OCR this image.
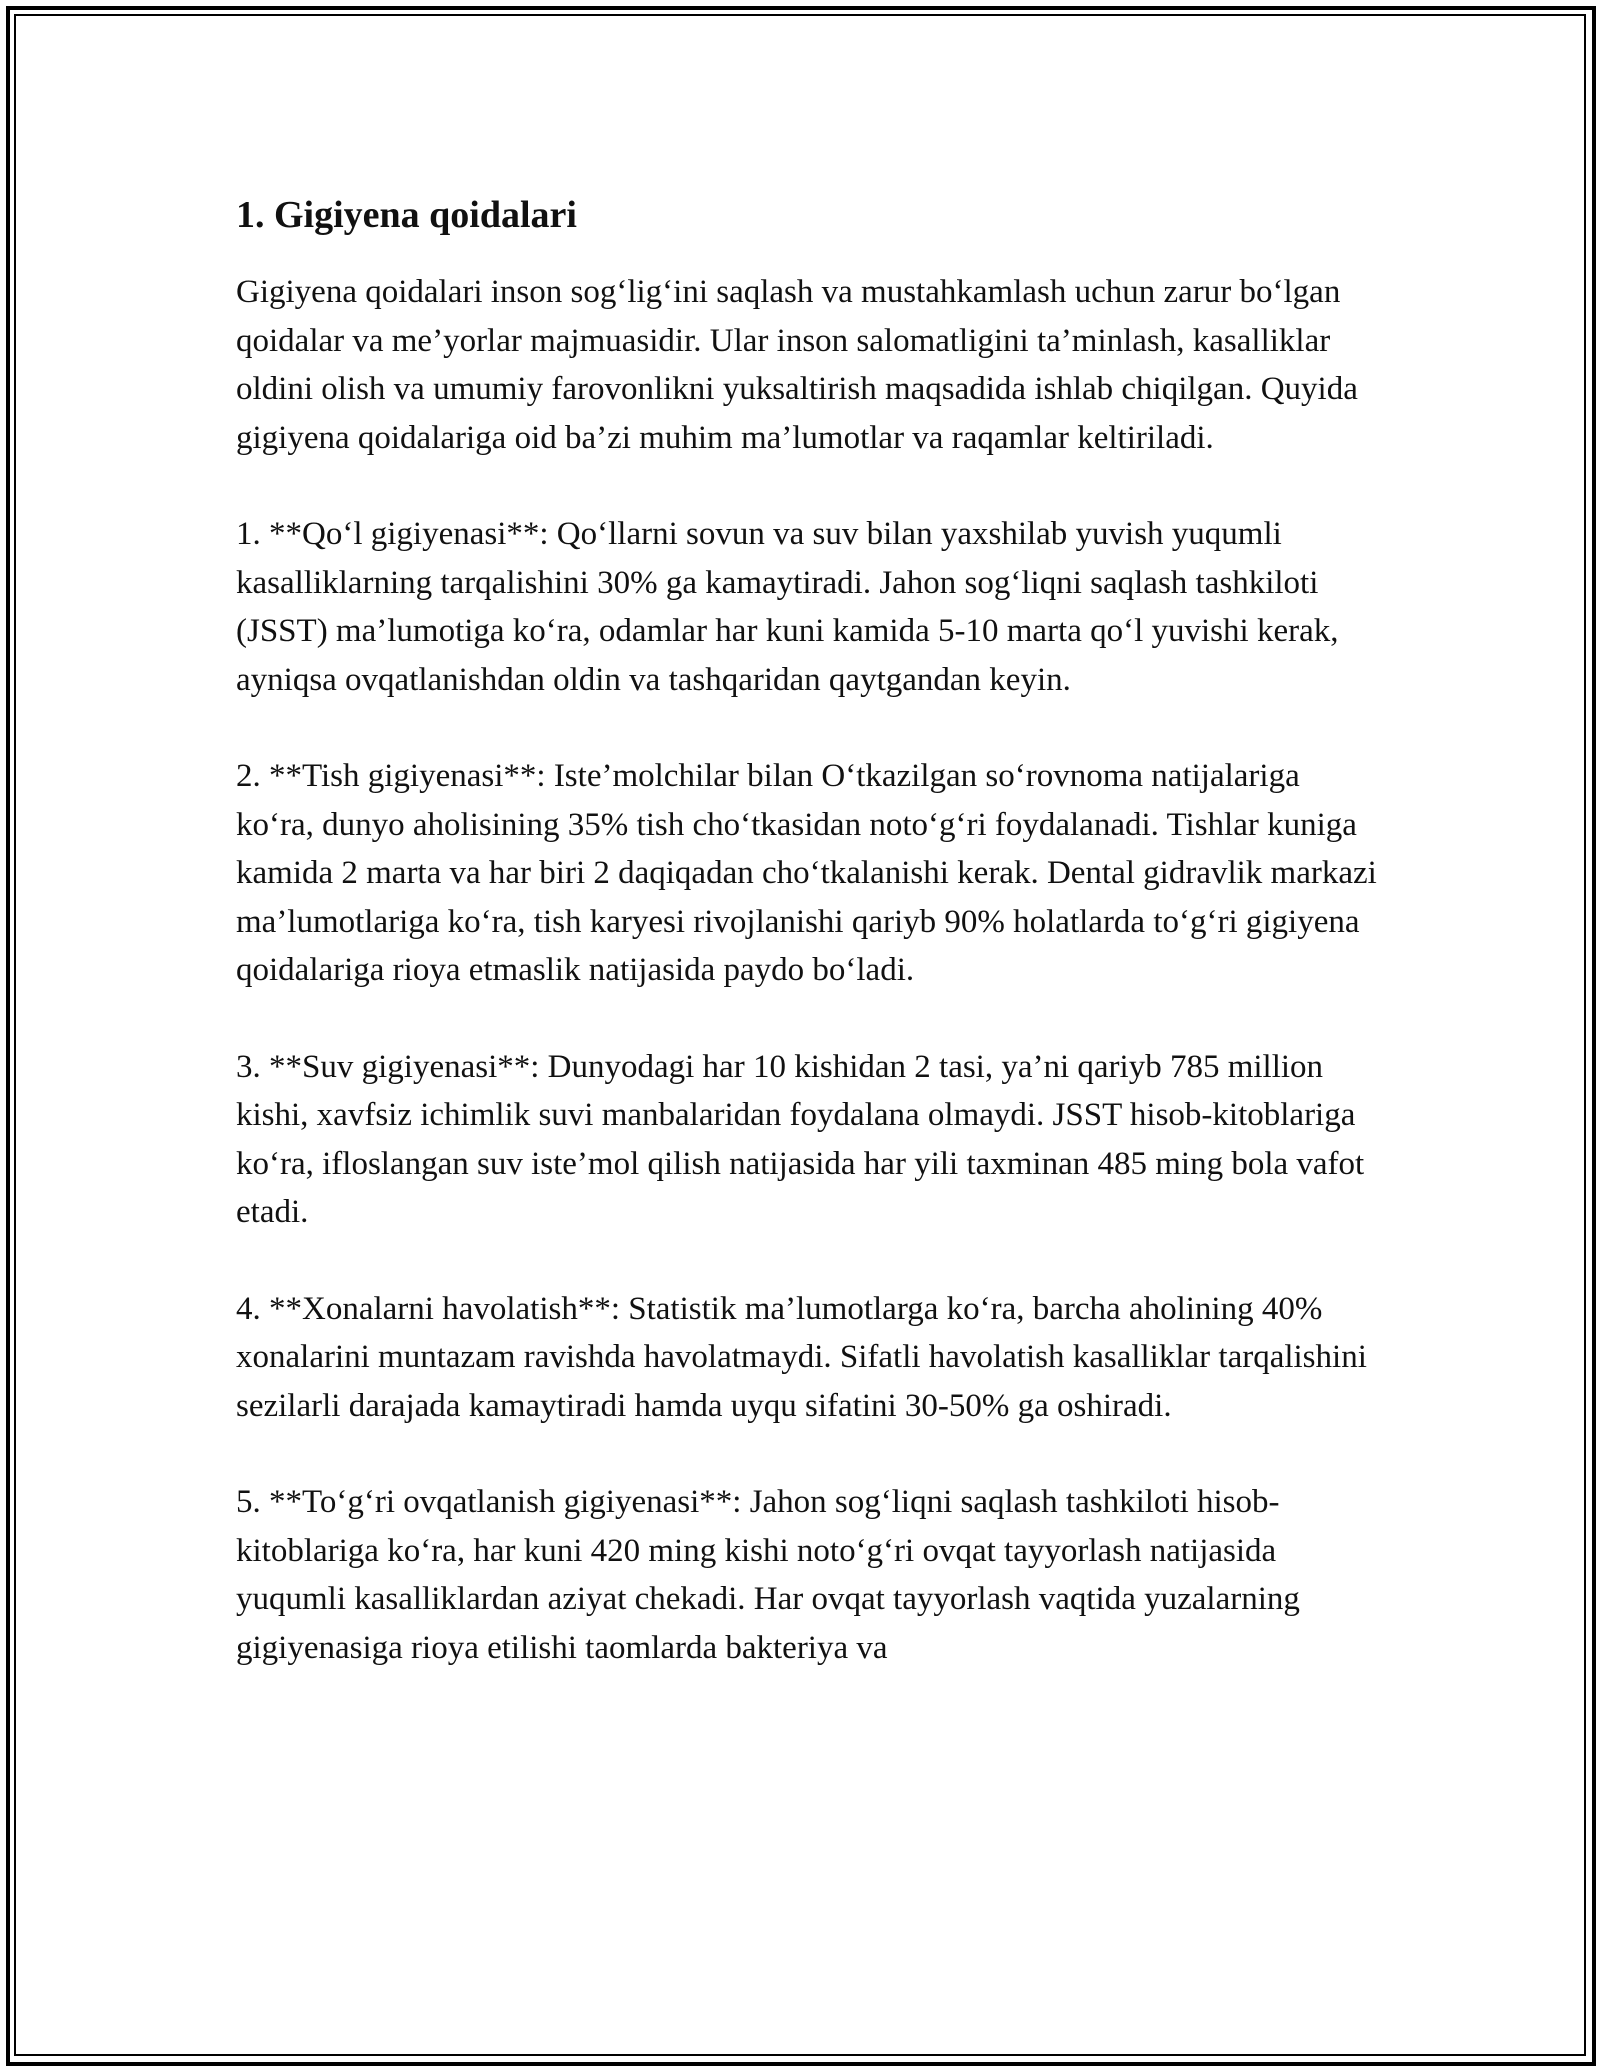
1. Gigiyena qoidalari

Gigiyena qoidalari inson sog‘lig‘ini saqlash va mustahkamlash uchun zarur bo‘lgan qoidalar va me’yorlar majmuasidir. Ular inson salomatligini ta’minlash, kasalliklar oldini olish va umumiy farovonlikni yuksaltirish maqsadida ishlab chiqilgan. Quyida gigiyena qoidalariga oid ba’zi muhim ma’lumotlar va raqamlar keltiriladi.

1. **Qo‘l gigiyenasi**: Qo‘llarni sovun va suv bilan yaxshilab yuvish yuqumli kasalliklarning tarqalishini 30% ga kamaytiradi. Jahon sog‘liqni saqlash tashkiloti (JSST) ma’lumotiga ko‘ra, odamlar har kuni kamida 5-10 marta qo‘l yuvishi kerak, ayniqsa ovqatlanishdan oldin va tashqaridan qaytgandan keyin.

2. **Tish gigiyenasi**: Iste’molchilar bilan O‘tkazilgan so‘rovnoma natijalariga ko‘ra, dunyo aholisining 35% tish cho‘tkasidan noto‘g‘ri foydalanadi. Tishlar kuniga kamida 2 marta va har biri 2 daqiqadan cho‘tkalanishi kerak. Dental gidravlik markazi ma’lumotlariga ko‘ra, tish karyesi rivojlanishi qariyb 90% holatlarda to‘g‘ri gigiyena qoidalariga rioya etmaslik natijasida paydo bo‘ladi.

3. **Suv gigiyenasi**: Dunyodagi har 10 kishidan 2 tasi, ya’ni qariyb 785 million kishi, xavfsiz ichimlik suvi manbalaridan foydalana olmaydi. JSST hisob-kitoblariga ko‘ra, ifloslangan suv iste’mol qilish natijasida har yili taxminan 485 ming bola vafot etadi.

4. **Xonalarni havolatish**: Statistik ma’lumotlarga ko‘ra, barcha aholining 40% xonalarini muntazam ravishda havolatmaydi. Sifatli havolatish kasalliklar tarqalishini sezilarli darajada kamaytiradi hamda uyqu sifatini 30-50% ga oshiradi.

5. **To‘g‘ri ovqatlanish gigiyenasi**: Jahon sog‘liqni saqlash tashkiloti hisob-kitoblariga ko‘ra, har kuni 420 ming kishi noto‘g‘ri ovqat tayyorlash natijasida yuqumli kasalliklardan aziyat chekadi. Har ovqat tayyorlash vaqtida yuzalarning gigiyenasiga rioya etilishi taomlarda bakteriya va
